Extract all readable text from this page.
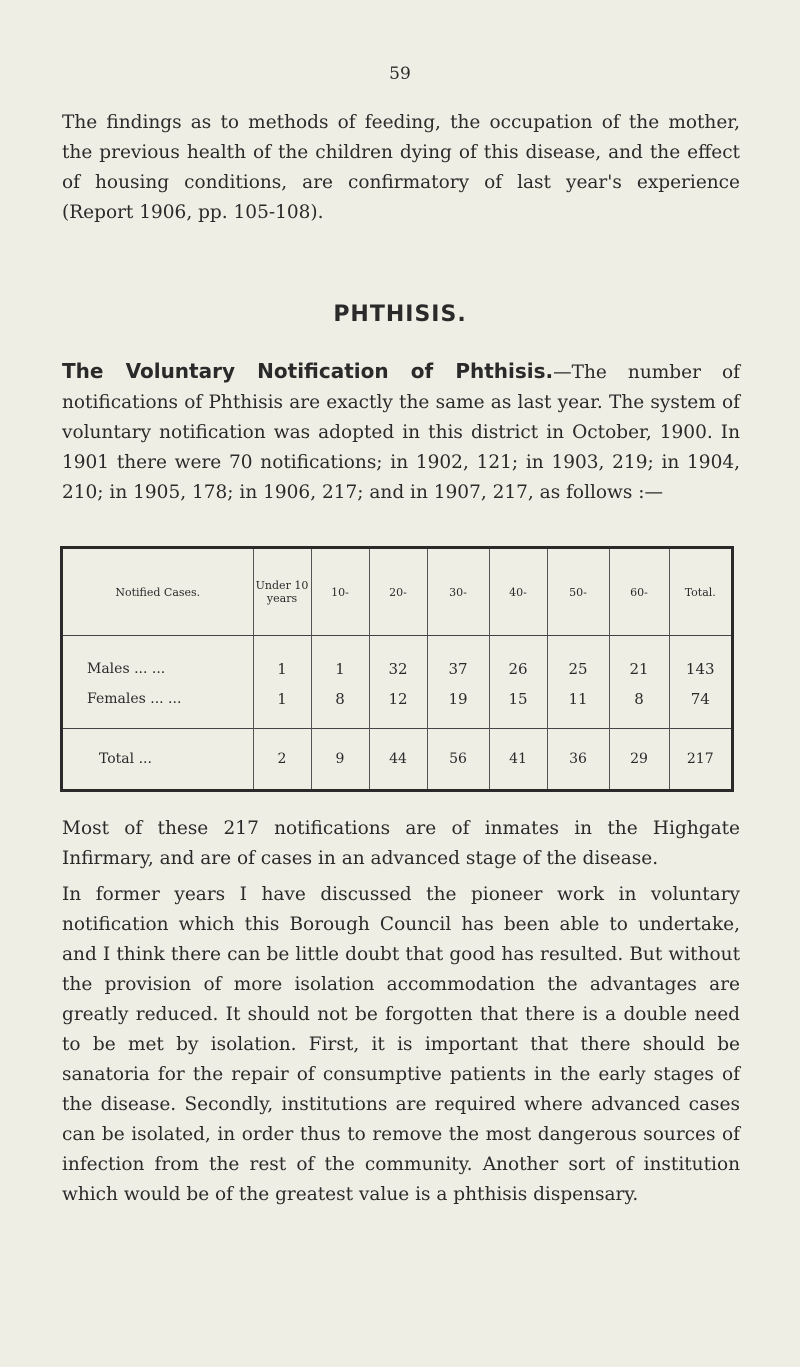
59

The findings as to methods of feeding, the occupation of the mother, the previous health of the children dying of this disease, and the effect of housing conditions, are confirmatory of last year's experience (Report 1906, pp. 105-108).

PHTHISIS.

The Voluntary Notification of Phthisis.—The number of notifications of Phthisis are exactly the same as last year. The system of voluntary notification was adopted in this district in October, 1900. In 1901 there were 70 notifications; in 1902, 121; in 1903, 219; in 1904, 210; in 1905, 178; in 1906, 217; and in 1907, 217, as follows :—

Notified Cases.	Under 10 years	10-	20-	30-	40-	50-	60-	Total.
Males ... ...	1	1	32	37	26	25	21	143
Females ... ...	1	8	12	19	15	11	8	74
Total ...	2	9	44	56	41	36	29	217

Most of these 217 notifications are of inmates in the Highgate Infirmary, and are of cases in an advanced stage of the disease.

In former years I have discussed the pioneer work in voluntary notification which this Borough Council has been able to undertake, and I think there can be little doubt that good has resulted. But without the provision of more isolation accommodation the advantages are greatly reduced. It should not be forgotten that there is a double need to be met by isolation. First, it is important that there should be sanatoria for the repair of consumptive patients in the early stages of the disease. Secondly, institutions are required where advanced cases can be isolated, in order thus to remove the most dangerous sources of infection from the rest of the community. Another sort of institution which would be of the greatest value is a phthisis dispensary.
